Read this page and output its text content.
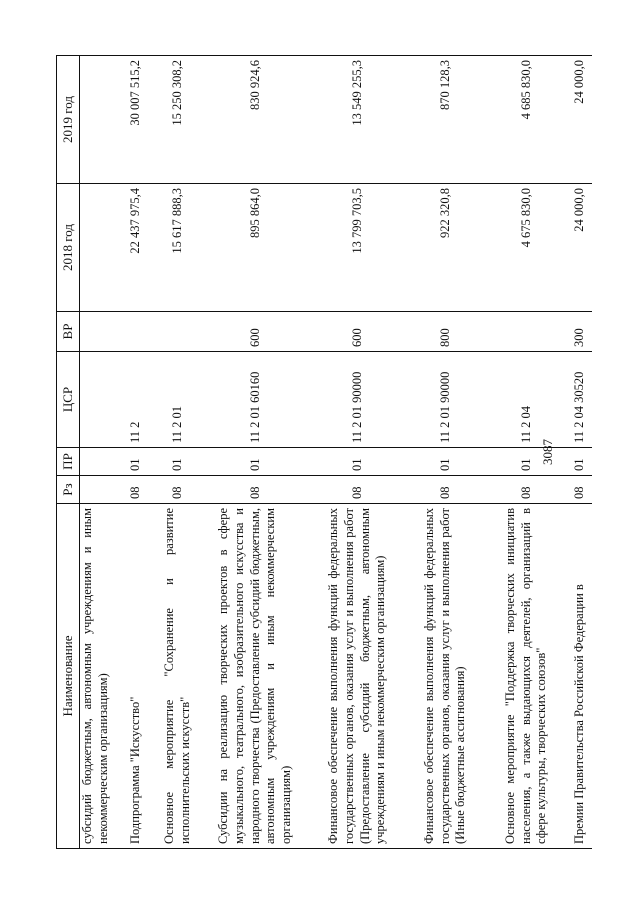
3087
Наименование	Рз	ПР	ЦСР	ВР	2018 год	2019 год
субсидий бюджетным, автономным учреждениям и иным некоммерческим организациям)						
Подпрограмма "Искусство"	08	01	11 2		22 437 975,4	30 007 515,2
Основное мероприятие "Сохранение и развитие исполнительских искусств"	08	01	11 2 01		15 617 888,3	15 250 308,2
Субсидии на реализацию творческих проектов в сфере музыкального, театрального, изобразительного искусства и народного творчества (Предоставление субсидий бюджетным, автономным учреждениям и иным некоммерческим организациям)	08	01	11 2 01 60160	600	895 864,0	830 924,6
Финансовое обеспечение выполнения функций федеральных государственных органов, оказания услуг и выполнения работ (Предоставление субсидий бюджетным, автономным учреждениям и иным некоммерческим организациям)	08	01	11 2 01 90000	600	13 799 703,5	13 549 255,3
Финансовое обеспечение выполнения функций федеральных государственных органов, оказания услуг и выполнения работ (Иные бюджетные ассигнования)	08	01	11 2 01 90000	800	922 320,8	870 128,3
Основное мероприятие "Поддержка творческих инициатив населения, а также выдающихся деятелей, организаций в сфере культуры, творческих союзов"	08	01	11 2 04		4 675 830,0	4 685 830,0
Премии Правительства Российской Федерации в	08	01	11 2 04 30520	300	24 000,0	24 000,0
